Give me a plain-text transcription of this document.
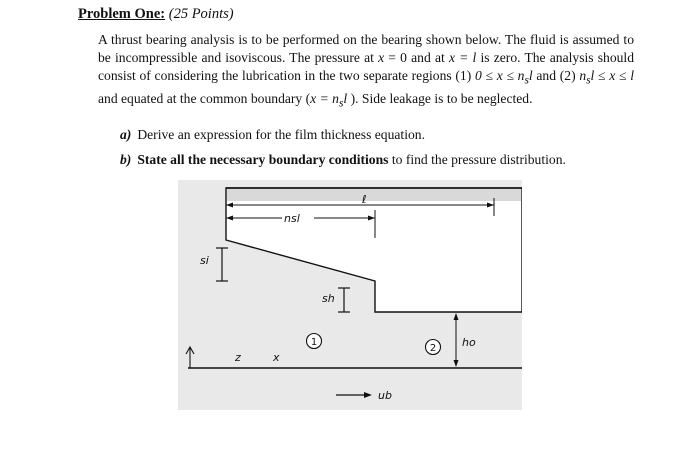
Problem One: (25 Points)

A thrust bearing analysis is to be performed on the bearing shown below. The fluid is assumed to be incompressible and isoviscous. The pressure at x = 0 and at x = l is zero. The analysis should consist of considering the lubrication in the two separate regions (1) $0 \le x \le n_sl$ and (2) $n_sl \le x \le l$ and equated at the common boundary ($x = n_sl$ ). Side leakage is to be neglected.

a) Derive an expression for the film thickness equation.
b) State all the necessary boundary conditions to find the pressure distribution.
nsl
ℓ
si
sh
ho
1
2
z	x
ub
